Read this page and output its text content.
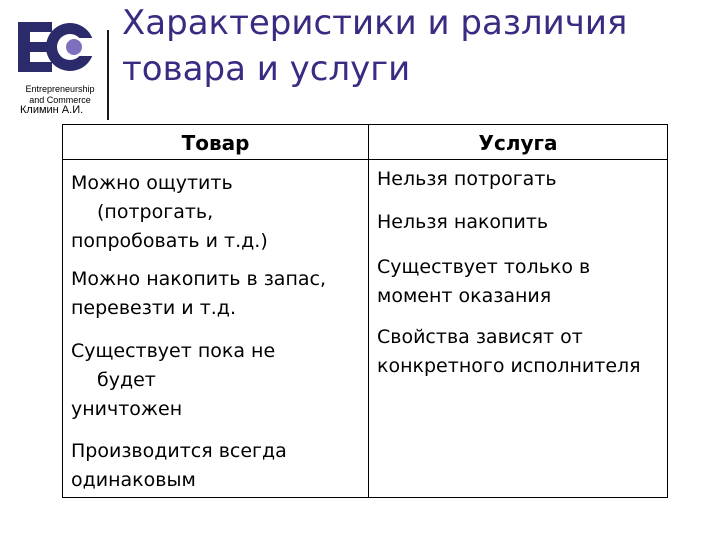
Entrepreneurship
and Commerce
Характеристики и различия
товара и услуги
Климин А.И.
Товар
Можно ощутить
(потрогать,
попробовать и т.д.)
Можно накопить в запас,
перевезти и т.д.
Существует пока не
будет
уничтожен
Производится всегда
одинаковым
Услуга
Нельзя потрогать
Нельзя накопить
Существует только в
момент оказания
Свойства зависят от
конкретного исполнителя
